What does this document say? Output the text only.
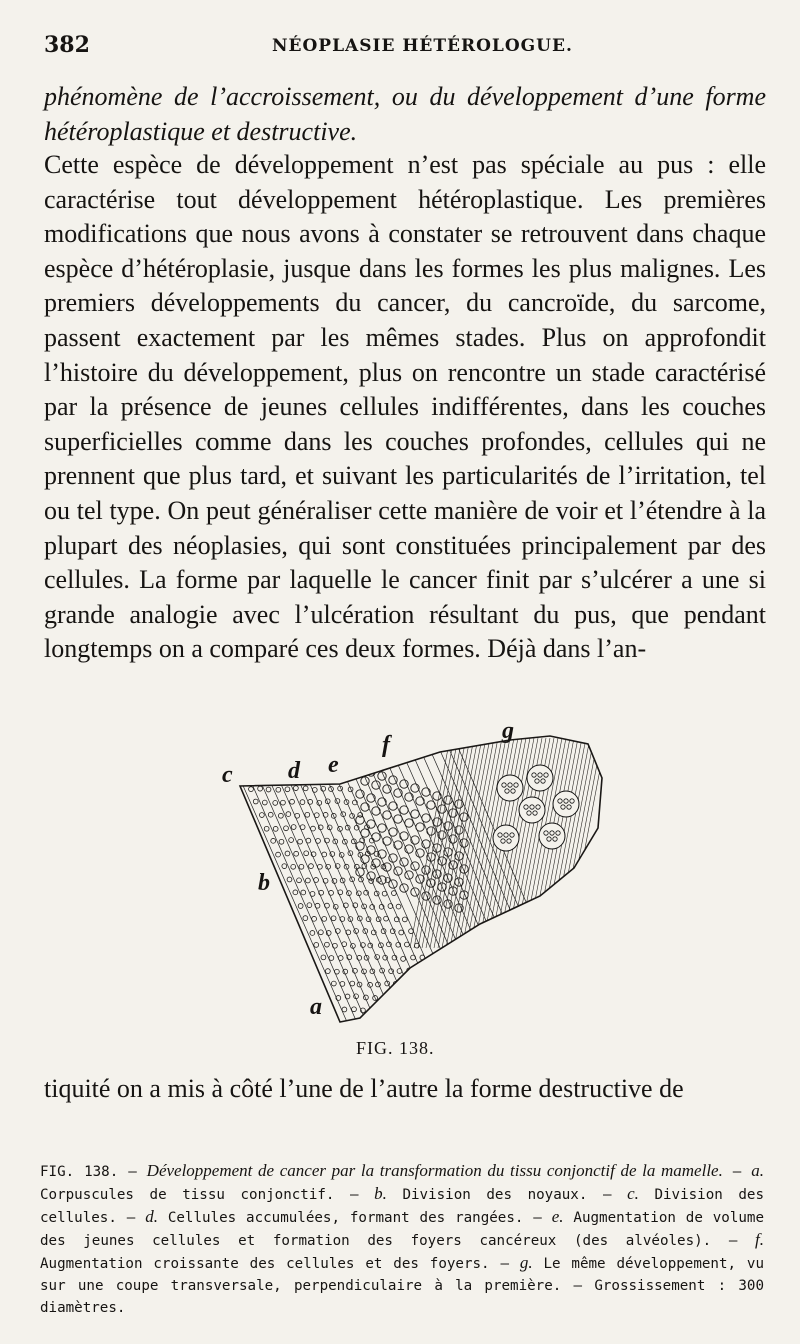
382	NÉOPLASIE HÉTÉROLOGUE.

phénomène de l’accroissement, ou du développement d’une forme hétéroplastique et destructive.

Cette espèce de développement n’est pas spéciale au pus : elle caractérise tout développement hétéroplastique. Les premières modifications que nous avons à constater se retrouvent dans chaque espèce d’hétéroplasie, jusque dans les formes les plus malignes. Les premiers développements du cancer, du cancroïde, du sarcome, passent exactement par les mêmes stades. Plus on approfondit l’histoire du développement, plus on rencontre un stade caractérisé par la présence de jeunes cellules indifférentes, dans les couches superficielles comme dans les couches profondes, cellules qui ne prennent que plus tard, et suivant les particularités de l’irritation, tel ou tel type. On peut généraliser cette manière de voir et l’étendre à la plupart des néoplasies, qui sont constituées principalement par des cellules. La forme par laquelle le cancer finit par s’ulcérer a une si grande analogie avec l’ulcération résultant du pus, que pendant longtemps on a comparé ces deux formes. Déjà dans l’an-

c d e
f
g
b
a
FIG. 138.

tiquité on a mis à côté l’une de l’autre la forme destructive de

FIG. 138. — Développement de cancer par la transformation du tissu conjonctif de la mamelle. — a. Corpuscules de tissu conjonctif. — b. Division des noyaux. — c. Division des cellules. — d. Cellules accumulées, formant des rangées. — e. Augmentation de volume des jeunes cellules et formation des foyers cancéreux (des alvéoles). — f. Augmentation croissante des cellules et des foyers. — g. Le même développement, vu sur une coupe transversale, perpendiculaire à la première. — Grossissement : 300 diamètres.
